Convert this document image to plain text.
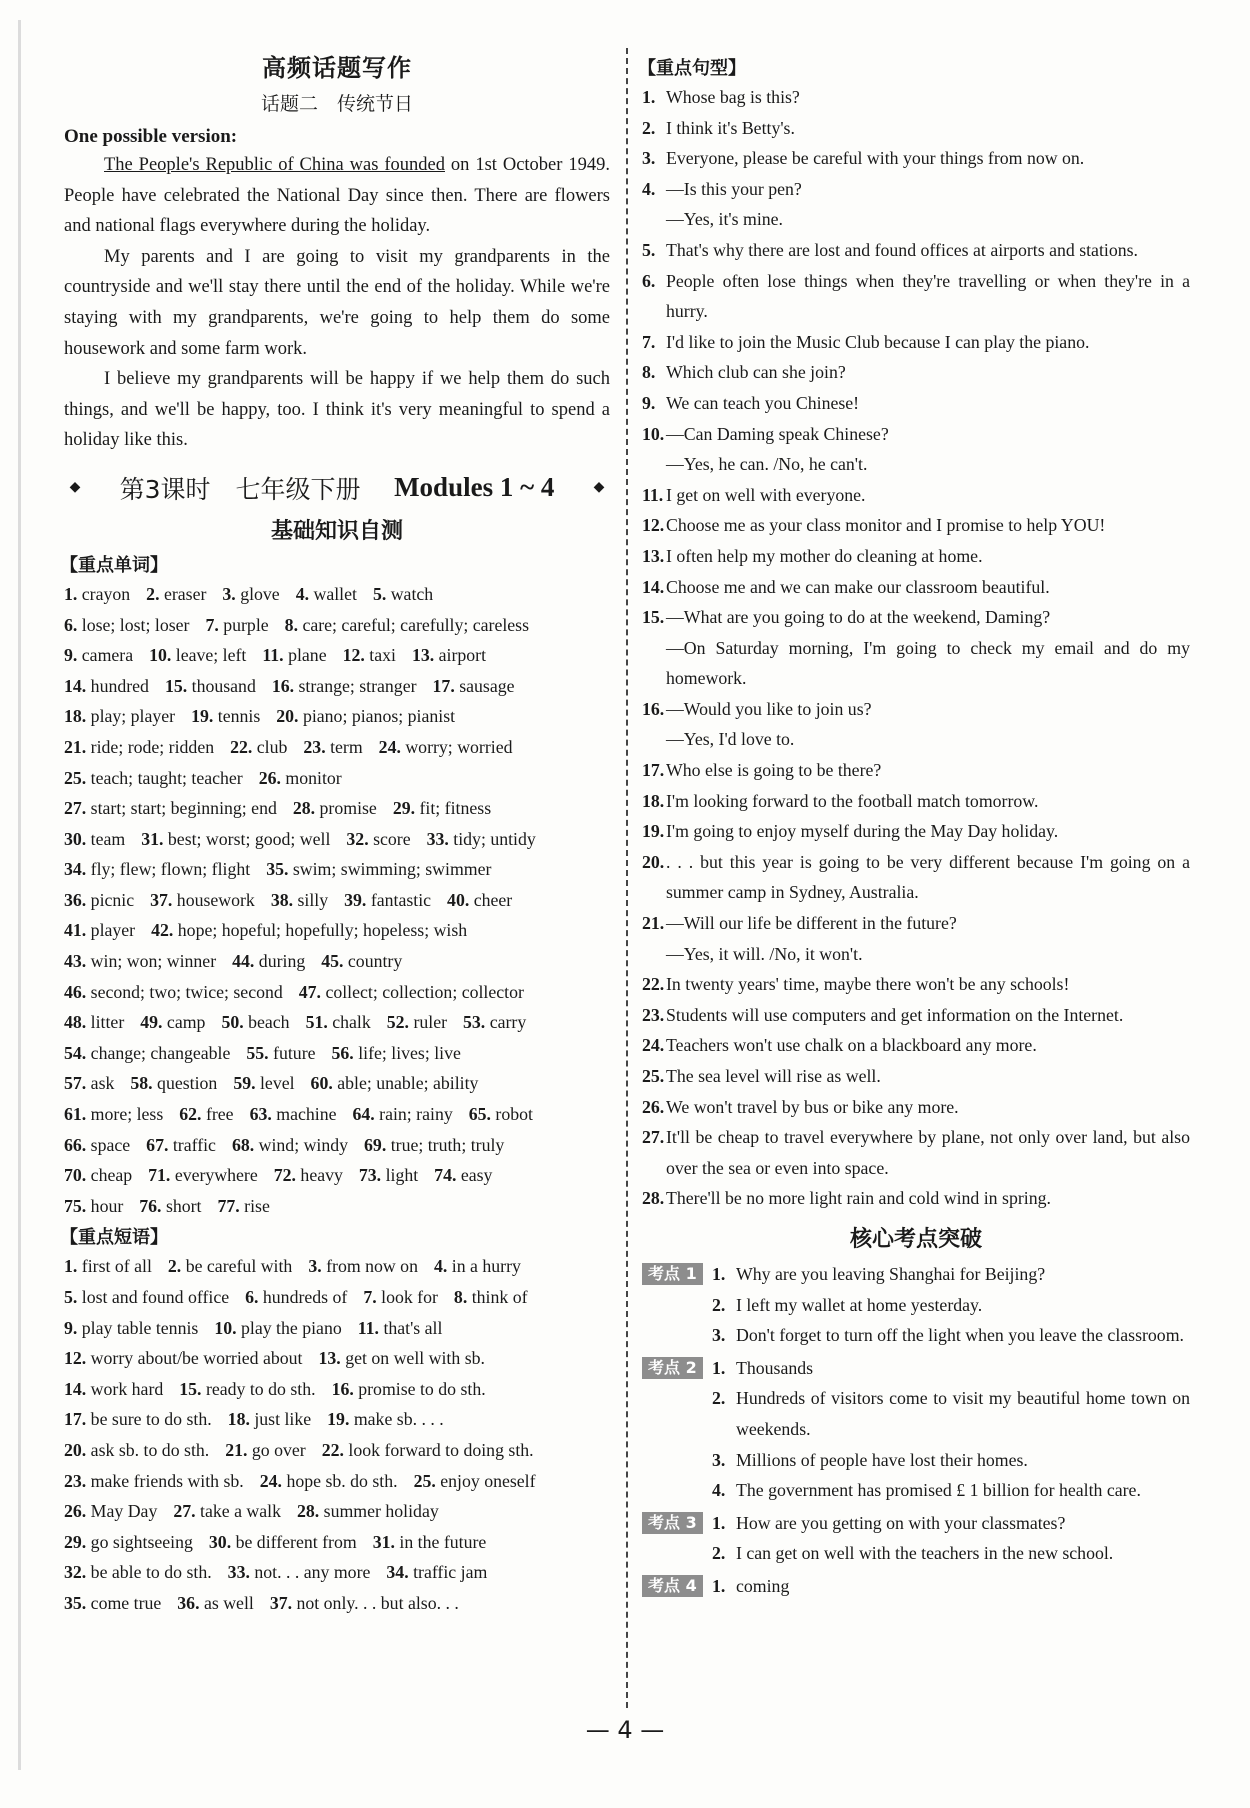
高频话题写作
话题二　传统节日
One possible version:

The People's Republic of China was founded on 1st October 1949. People have celebrated the National Day since then. There are flowers and national flags everywhere during the holiday.

My parents and I are going to visit my grandparents in the countryside and we'll stay there until the end of the holiday. While we're staying with my grandparents, we're going to help them do some housework and some farm work.

I believe my grandparents will be happy if we help them do such things, and we'll be happy, too. I think it's very meaningful to spend a holiday like this.

◆ 第3课时　七年级下册 Modules 1 ~ 4	◆
基础知识自测
【重点单词】
1. crayon 2. eraser 3. glove 4. wallet 5. watch
6. lose; lost; loser 7. purple 8. care; careful; carefully; careless
9. camera 10. leave; left 11. plane 12. taxi 13. airport
14. hundred 15. thousand 16. strange; stranger 17. sausage
18. play; player 19. tennis 20. piano; pianos; pianist
21. ride; rode; ridden 22. club 23. term 24. worry; worried
25. teach; taught; teacher 26. monitor
27. start; start; beginning; end 28. promise 29. fit; fitness
30. team 31. best; worst; good; well 32. score 33. tidy; untidy
34. fly; flew; flown; flight 35. swim; swimming; swimmer
36. picnic 37. housework 38. silly 39. fantastic 40. cheer
41. player 42. hope; hopeful; hopefully; hopeless; wish
43. win; won; winner 44. during 45. country
46. second; two; twice; second 47. collect; collection; collector
48. litter 49. camp 50. beach 51. chalk 52. ruler 53. carry
54. change; changeable 55. future 56. life; lives; live
57. ask 58. question 59. level 60. able; unable; ability
61. more; less 62. free 63. machine 64. rain; rainy 65. robot
66. space 67. traffic 68. wind; windy 69. true; truth; truly
70. cheap 71. everywhere 72. heavy 73. light 74. easy
75. hour 76. short 77. rise
【重点短语】
1. first of all 2. be careful with 3. from now on 4. in a hurry
5. lost and found office 6. hundreds of 7. look for 8. think of
9. play table tennis 10. play the piano 11. that's all
12. worry about/be worried about 13. get on well with sb.
14. work hard 15. ready to do sth. 16. promise to do sth.
17. be sure to do sth. 18. just like 19. make sb. . . .
20. ask sb. to do sth. 21. go over 22. look forward to doing sth.
23. make friends with sb. 24. hope sb. do sth. 25. enjoy oneself
26. May Day 27. take a walk 28. summer holiday
29. go sightseeing 30. be different from 31. in the future
32. be able to do sth. 33. not. . . any more 34. traffic jam
35. come true 36. as well 37. not only. . . but also. . .
【重点句型】
1. Whose bag is this?
2. I think it's Betty's.
3. Everyone, please be careful with your things from now on.
4. —Is this your pen?
—Yes, it's mine.
5. That's why there are lost and found offices at airports and stations.
6. People often lose things when they're travelling or when they're in a hurry.
7. I'd like to join the Music Club because I can play the piano.
8. Which club can she join?
9. We can teach you Chinese!
10. —Can Daming speak Chinese?
—Yes, he can. /No, he can't.
11. I get on well with everyone.
12. Choose me as your class monitor and I promise to help YOU!
13. I often help my mother do cleaning at home.
14. Choose me and we can make our classroom beautiful.
15. —What are you going to do at the weekend, Daming?
—On Saturday morning, I'm going to check my email and do my homework.
16. —Would you like to join us?
—Yes, I'd love to.
17. Who else is going to be there?
18. I'm looking forward to the football match tomorrow.
19. I'm going to enjoy myself during the May Day holiday.
20. . . . but this year is going to be very different because I'm going on a summer camp in Sydney, Australia.
21. —Will our life be different in the future?
—Yes, it will. /No, it won't.
22. In twenty years' time, maybe there won't be any schools!
23. Students will use computers and get information on the Internet.
24. Teachers won't use chalk on a blackboard any more.
25. The sea level will rise as well.
26. We won't travel by bus or bike any more.
27. It'll be cheap to travel everywhere by plane, not only over land, but also over the sea or even into space.
28. There'll be no more light rain and cold wind in spring.
核心考点突破
考点 1 1. Why are you leaving Shanghai for Beijing?
2. I left my wallet at home yesterday.
3. Don't forget to turn off the light when you leave the classroom.
考点 2 1. Thousands
2. Hundreds of visitors come to visit my beautiful home town on weekends.
3. Millions of people have lost their homes.
4. The government has promised £ 1 billion for health care.
考点 3 1. How are you getting on with your classmates?
2. I can get on well with the teachers in the new school.
考点 4 1. coming
— 4 —
